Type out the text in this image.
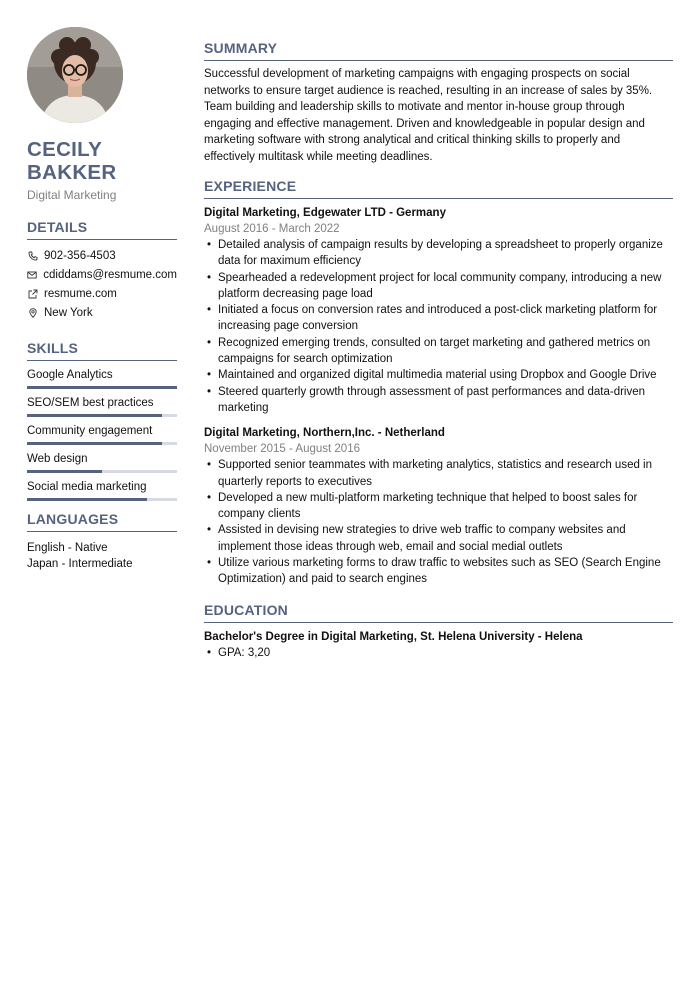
CECILY
BAKKER
Digital Marketing
DETAILS
902-356-4503
cdiddams@resmume.com
resmume.com
New York
SKILLS
Google Analytics
SEO/SEM best practices
Community engagement
Web design
Social media marketing
LANGUAGES
English - Native
Japan - Intermediate
SUMMARY

Successful development of marketing campaigns with engaging prospects on social networks to ensure target audience is reached, resulting in an increase of sales by 35%. Team building and leadership skills to motivate and mentor in-house group through engaging and effective management. Driven and knowledgeable in popular design and marketing software with strong analytical and critical thinking skills to properly and effectively multitask while meeting deadlines.

EXPERIENCE
Digital Marketing, Edgewater LTD - Germany
August 2016 - March 2022
• Detailed analysis of campaign results by developing a spreadsheet to properly organize data for maximum efficiency
• Spearheaded a redevelopment project for local community company, introducing a new platform decreasing page load
• Initiated a focus on conversion rates and introduced a post-click marketing platform for increasing page conversion
• Recognized emerging trends, consulted on target marketing and gathered metrics on campaigns for search optimization
• Maintained and organized digital multimedia material using Dropbox and Google Drive
• Steered quarterly growth through assessment of past performances and data-driven marketing
Digital Marketing, Northern,Inc. - Netherland
November 2015 - August 2016
• Supported senior teammates with marketing analytics, statistics and research used in quarterly reports to executives
• Developed a new multi-platform marketing technique that helped to boost sales for company clients
• Assisted in devising new strategies to drive web traffic to company websites and implement those ideas through web, email and social medial outlets
• Utilize various marketing forms to draw traffic to websites such as SEO (Search Engine Optimization) and paid to search engines
EDUCATION
Bachelor's Degree in Digital Marketing, St. Helena University - Helena
• GPA: 3,20
